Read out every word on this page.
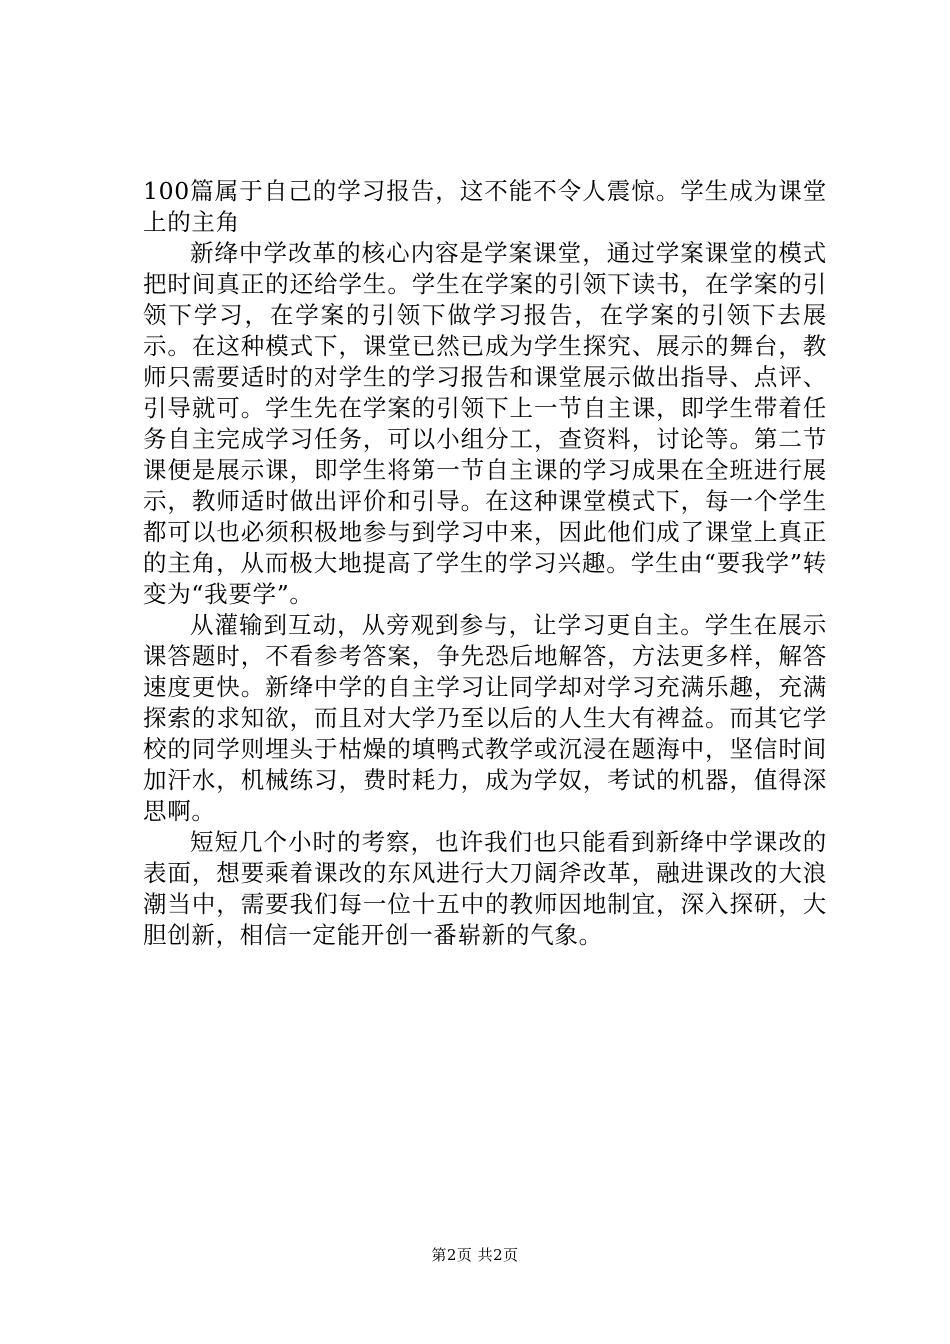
100篇属于自己的学习报告，这不能不令人震惊。学生成为课堂上的主角

新绛中学改革的核心内容是学案课堂，通过学案课堂的模式把时间真正的还给学生。学生在学案的引领下读书，在学案的引领下学习，在学案的引领下做学习报告，在学案的引领下去展示。在这种模式下，课堂已然已成为学生探究、展示的舞台，教师只需要适时的对学生的学习报告和课堂展示做出指导、点评、引导就可。学生先在学案的引领下上一节自主课，即学生带着任务自主完成学习任务，可以小组分工，查资料，讨论等。第二节课便是展示课，即学生将第一节自主课的学习成果在全班进行展示，教师适时做出评价和引导。在这种课堂模式下，每一个学生都可以也必须积极地参与到学习中来，因此他们成了课堂上真正的主角，从而极大地提高了学生的学习兴趣。学生由“要我学”转变为“我要学”。

从灌输到互动，从旁观到参与，让学习更自主。学生在展示课答题时，不看参考答案，争先恐后地解答，方法更多样，解答速度更快。新绛中学的自主学习让同学却对学习充满乐趣，充满探索的求知欲，而且对大学乃至以后的人生大有裨益。而其它学校的同学则埋头于枯燥的填鸭式教学或沉浸在题海中，坚信时间加汗水，机械练习，费时耗力，成为学奴，考试的机器，值得深思啊。

短短几个小时的考察，也许我们也只能看到新绛中学课改的表面，想要乘着课改的东风进行大刀阔斧改革，融进课改的大浪潮当中，需要我们每一位十五中的教师因地制宜，深入探研，大胆创新，相信一定能开创一番崭新的气象。

第2页 共2页
